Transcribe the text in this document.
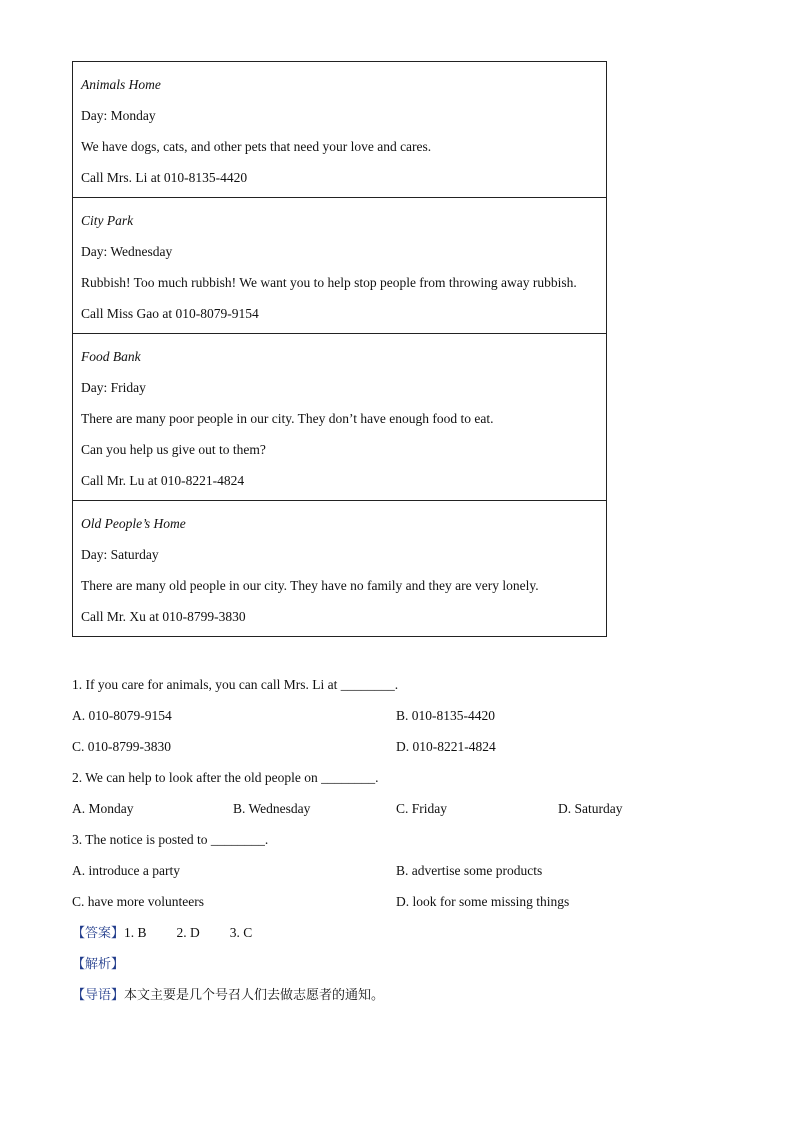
Animals Home
Day: Monday
We have dogs, cats, and other pets that need your love and cares.
Call Mrs. Li at 010-8135-4420
City Park
Day: Wednesday
Rubbish! Too much rubbish! We want you to help stop people from throwing away rubbish.
Call Miss Gao at 010-8079-9154
Food Bank
Day: Friday
There are many poor people in our city. They don’t have enough food to eat.
Can you help us give out to them?
Call Mr. Lu at 010-8221-4824
Old People’s Home
Day: Saturday
There are many old people in our city. They have no family and they are very lonely.
Call Mr. Xu at 010-8799-3830
1. If you care for animals, you can call Mrs. Li at ________.
A. 010-8079-9154	B. 010-8135-4420
C. 010-8799-3830	D. 010-8221-4824
2. We can help to look after the old people on ________.
A. Monday	B. Wednesday	C. Friday	D. Saturday
3. The notice is posted to ________.
A. introduce a party	B. advertise some products
C. have more volunteers	D. look for some missing things
【答案】1. B 2. D 3. C
【解析】
【导语】本文主要是几个号召人们去做志愿者的通知。
